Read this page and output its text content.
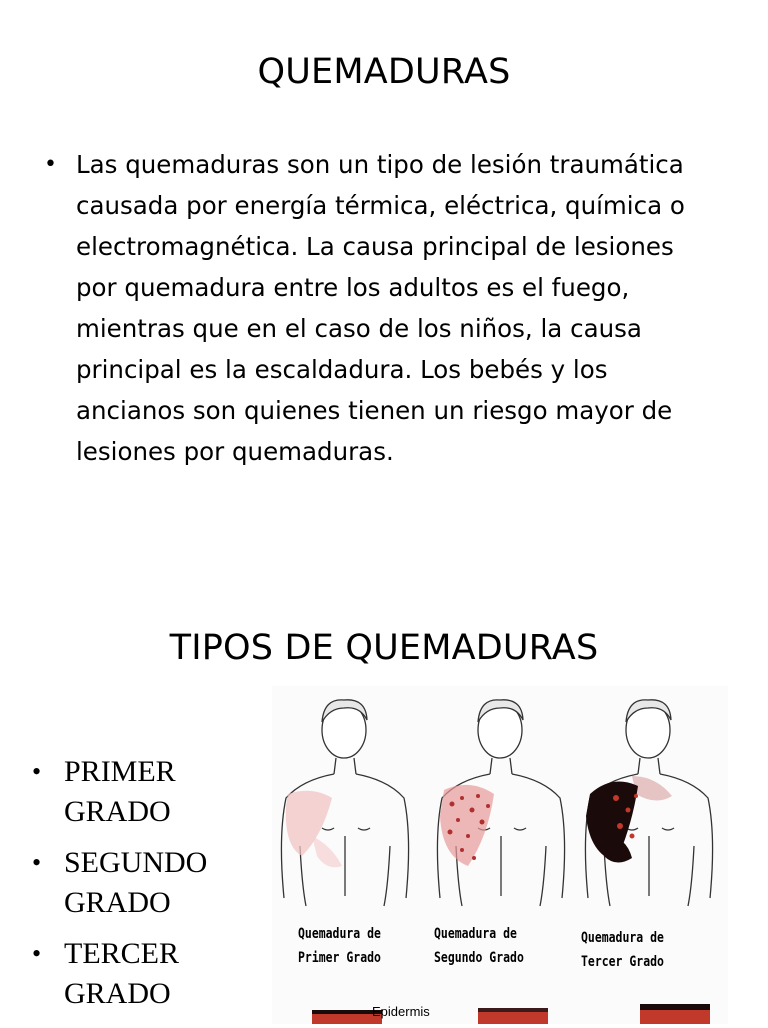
QUEMADURAS
• Las quemaduras son un tipo de lesión traumática causada por energía térmica, eléctrica, química o electromagnética. La causa principal de lesiones por quemadura entre los adultos es el fuego, mientras que en el caso de los niños, la causa principal es la escaldadura. Los bebés y los ancianos son quienes tienen un riesgo mayor de lesiones por quemaduras.
TIPOS DE QUEMADURAS
• PRIMER GRADO
• SEGUNDO GRADO
• TERCER GRADO
Quemadura de
Primer Grado
Quemadura de
Segundo Grado
Quemadura de
Tercer Grado
Epidermis
